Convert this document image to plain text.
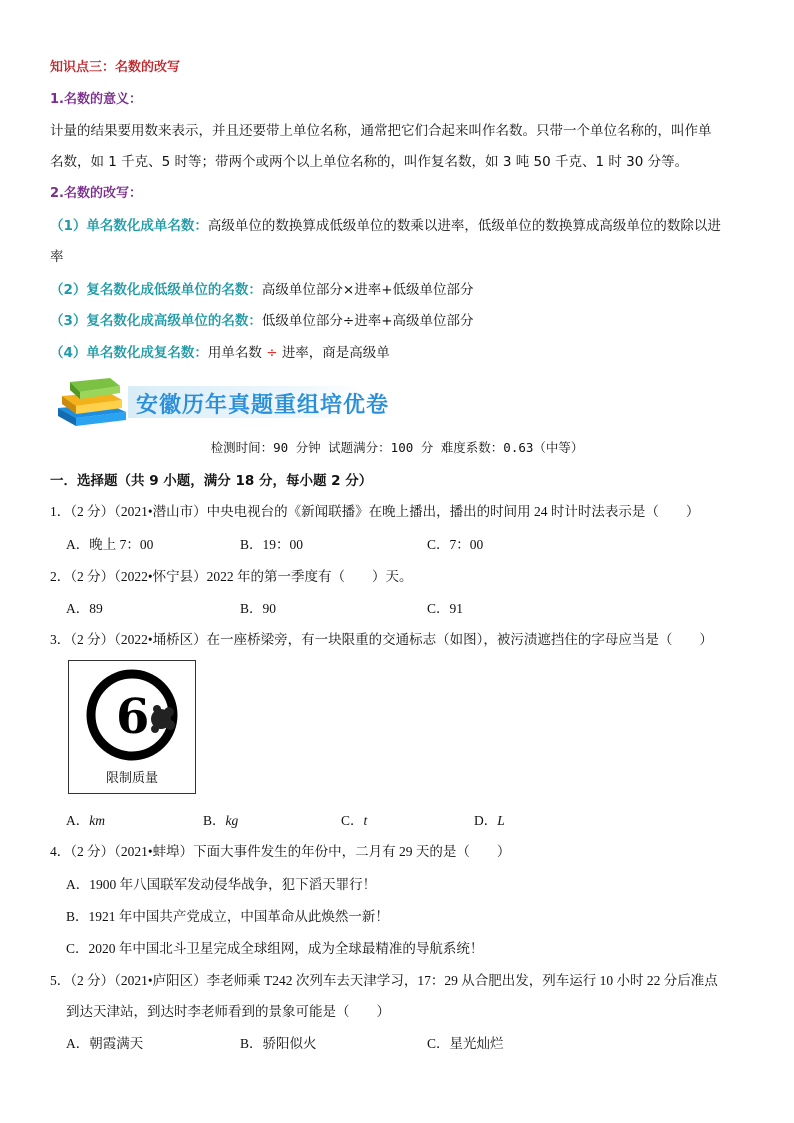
知识点三：名数的改写
1.名数的意义：
计量的结果要用数来表示，并且还要带上单位名称，通常把它们合起来叫作名数。只带一个单位名称的，叫作单
名数，如 1 千克、5 时等；带两个或两个以上单位名称的，叫作复名数，如 3 吨 50 千克、1 时 30 分等。
2.名数的改写：
（1）单名数化成单名数：高级单位的数换算成低级单位的数乘以进率，低级单位的数换算成高级单位的数除以进
率
（2）复名数化成低级单位的名数：高级单位部分×进率+低级单位部分
（3）复名数化成高级单位的名数：低级单位部分÷进率+高级单位部分
（4）单名数化成复名数：用单名数 ÷ 进率，商是高级单
安徽历年真题重组培优卷
检测时间：90 分钟 试题满分：100 分 难度系数：0.63（中等）
一．选择题（共 9 小题，满分 18 分，每小题 2 分）
1．（2 分）（2021•潜山市）中央电视台的《新闻联播》在晚上播出，播出的时间用 24 时计时法表示是（　　）
A．晚上 7：00	B．19：00	C．7：00
2．（2 分）（2022•怀宁县）2022 年的第一季度有（　　）天。
A．89	B．90	C．91
3．（2 分）（2022•埇桥区）在一座桥梁旁，有一块限重的交通标志（如图），被污渍遮挡住的字母应当是（　　）
6
限制质量
A．km	B．kg	C．t	D．L
4．（2 分）（2021•蚌埠）下面大事件发生的年份中，二月有 29 天的是（　　）
A．1900 年八国联军发动侵华战争，犯下滔天罪行！
B．1921 年中国共产党成立，中国革命从此焕然一新！
C．2020 年中国北斗卫星完成全球组网，成为全球最精准的导航系统！
5．（2 分）（2021•庐阳区）李老师乘 T242 次列车去天津学习，17：29 从合肥出发，列车运行 10 小时 22 分后准点
到达天津站，到达时李老师看到的景象可能是（　　）
A．朝霞满天	B．骄阳似火	C．星光灿烂
